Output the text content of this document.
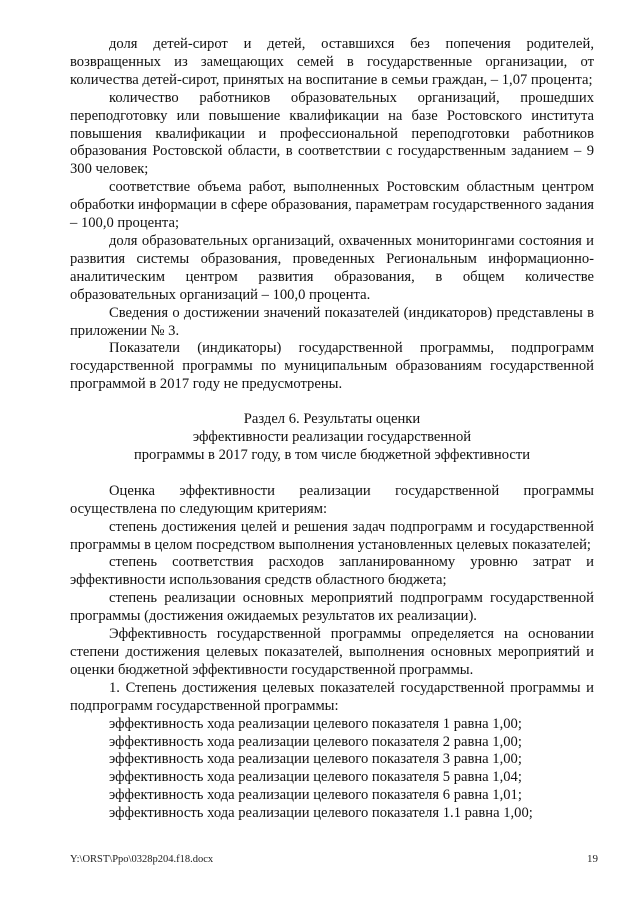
доля детей-сирот и детей, оставшихся без попечения родителей, возвращенных из замещающих семей в государственные организации, от количества детей-сирот, принятых на воспитание в семьи граждан, – 1,07 процента;

количество работников образовательных организаций, прошедших переподготовку или повышение квалификации на базе Ростовского института повышения квалификации и профессиональной переподготовки работников образования Ростовской области, в соответствии с государственным заданием – 9 300 человек;

соответствие объема работ, выполненных Ростовским областным центром обработки информации в сфере образования, параметрам государственного задания – 100,0 процента;

доля образовательных организаций, охваченных мониторингами состояния и развития системы образования, проведенных Региональным информационно-аналитическим центром развития образования, в общем количестве образовательных организаций – 100,0 процента.

Сведения о достижении значений показателей (индикаторов) представлены в приложении № 3.

Показатели (индикаторы) государственной программы, подпрограмм государственной программы по муниципальным образованиям государственной программой в 2017 году не предусмотрены.

Раздел 6. Результаты оценки

эффективности реализации государственной

программы в 2017 году, в том числе бюджетной эффективности

Оценка эффективности реализации государственной программы осуществлена по следующим критериям:

степень достижения целей и решения задач подпрограмм и государственной программы в целом посредством выполнения установленных целевых показателей;

степень соответствия расходов запланированному уровню затрат и эффективности использования средств областного бюджета;

степень реализации основных мероприятий подпрограмм государственной программы (достижения ожидаемых результатов их реализации).

Эффективность государственной программы определяется на основании степени достижения целевых показателей, выполнения основных мероприятий и оценки бюджетной эффективности государственной программы.

1. Степень достижения целевых показателей государственной программы и подпрограмм государственной программы:

эффективность хода реализации целевого показателя 1 равна 1,00;

эффективность хода реализации целевого показателя 2 равна 1,00;

эффективность хода реализации целевого показателя 3 равна 1,00;

эффективность хода реализации целевого показателя 5 равна 1,04;

эффективность хода реализации целевого показателя 6 равна 1,01;

эффективность хода реализации целевого показателя 1.1 равна 1,00;

Y:\ORST\Ppo\0328p204.f18.docx	19
